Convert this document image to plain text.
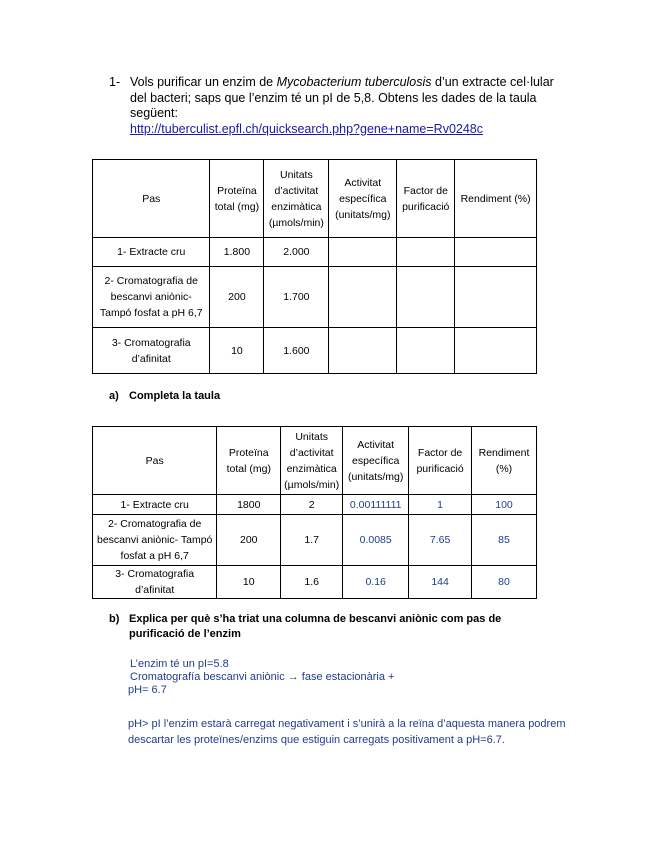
1- Vols purificar un enzim de Mycobacterium tuberculosis d’un extracte cel·lular del bacteri; saps que l’enzim té un pI de 5,8. Obtens les dades de la taula següent:
http://tuberculist.epfl.ch/quicksearch.php?gene+name=Rv0248c
Pas	Proteïna total (mg)	Unitats d’activitat enzimàtica (µmols/min)	Activitat específica (unitats/mg)	Factor de purificació	Rendiment (%)
1- Extracte cru	1.800	2.000			
2- Cromatografia de bescanvi aniònic- Tampó fosfat a pH 6,7	200	1.700			
3- Cromatografia d’afinitat	10	1.600			
a) Completa la taula
Pas	Proteïna total (mg)	Unitats d’activitat enzimàtica (µmols/min)	Activitat específica (unitats/mg)	Factor de purificació	Rendiment (%)
1- Extracte cru	1800	2	0.00111111	1	100
2- Cromatografia de bescanvi aniònic- Tampó fosfat a pH 6,7	200	1.7	0.0085	7.65	85
3- Cromatografia d’afinitat	10	1.6	0.16	144	80
b) Explica per què s’ha triat una columna de bescanvi aniònic com pas de purificació de l’enzim
L’enzim té un pI=5.8
Cromatografía bescanvi aniònic → fase estacionària +
pH= 6.7
pH> pI l’enzim estarà carregat negativament i s’unirà a la reïna d’aquesta manera podrem descartar les proteïnes/enzims que estiguin carregats positivament a pH=6.7.
